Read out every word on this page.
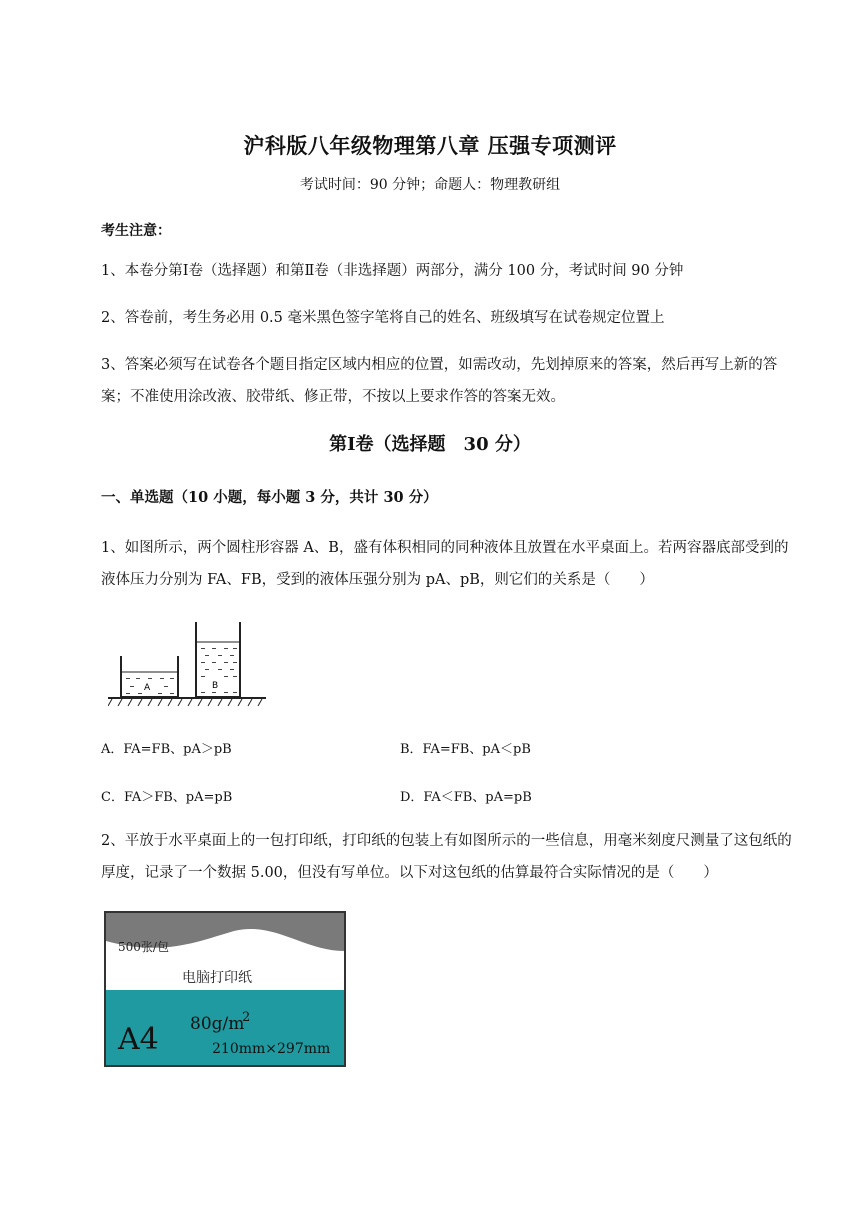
沪科版八年级物理第八章 压强专项测评
考试时间：90 分钟；命题人：物理教研组
考生注意：
1、本卷分第Ⅰ卷（选择题）和第Ⅱ卷（非选择题）两部分，满分 100 分，考试时间 90 分钟
2、答卷前，考生务必用 0.5 毫米黑色签字笔将自己的姓名、班级填写在试卷规定位置上
3、答案必须写在试卷各个题目指定区域内相应的位置，如需改动，先划掉原来的答案，然后再写上新的答案；不准使用涂改液、胶带纸、修正带，不按以上要求作答的答案无效。
第Ⅰ卷（选择题　30 分）
一、单选题（10 小题，每小题 3 分，共计 30 分）
1、如图所示，两个圆柱形容器 A、B，盛有体积相同的同种液体且放置在水平桌面上。若两容器底部受到的液体压力分别为 FA、FB，受到的液体压强分别为 pA、pB，则它们的关系是（　　）
A	B
A．FA=FB、pA＞pB	B．FA=FB、pA＜pB
C．FA＞FB、pA=pB	D．FA＜FB、pA=pB
2、平放于水平桌面上的一包打印纸，打印纸的包装上有如图所示的一些信息，用毫米刻度尺测量了这包纸的厚度，记录了一个数据 5.00，但没有写单位。以下对这包纸的估算最符合实际情况的是（　　）
500张/包
电脑打印纸
A4 80g/m
2
210mm×297mm
